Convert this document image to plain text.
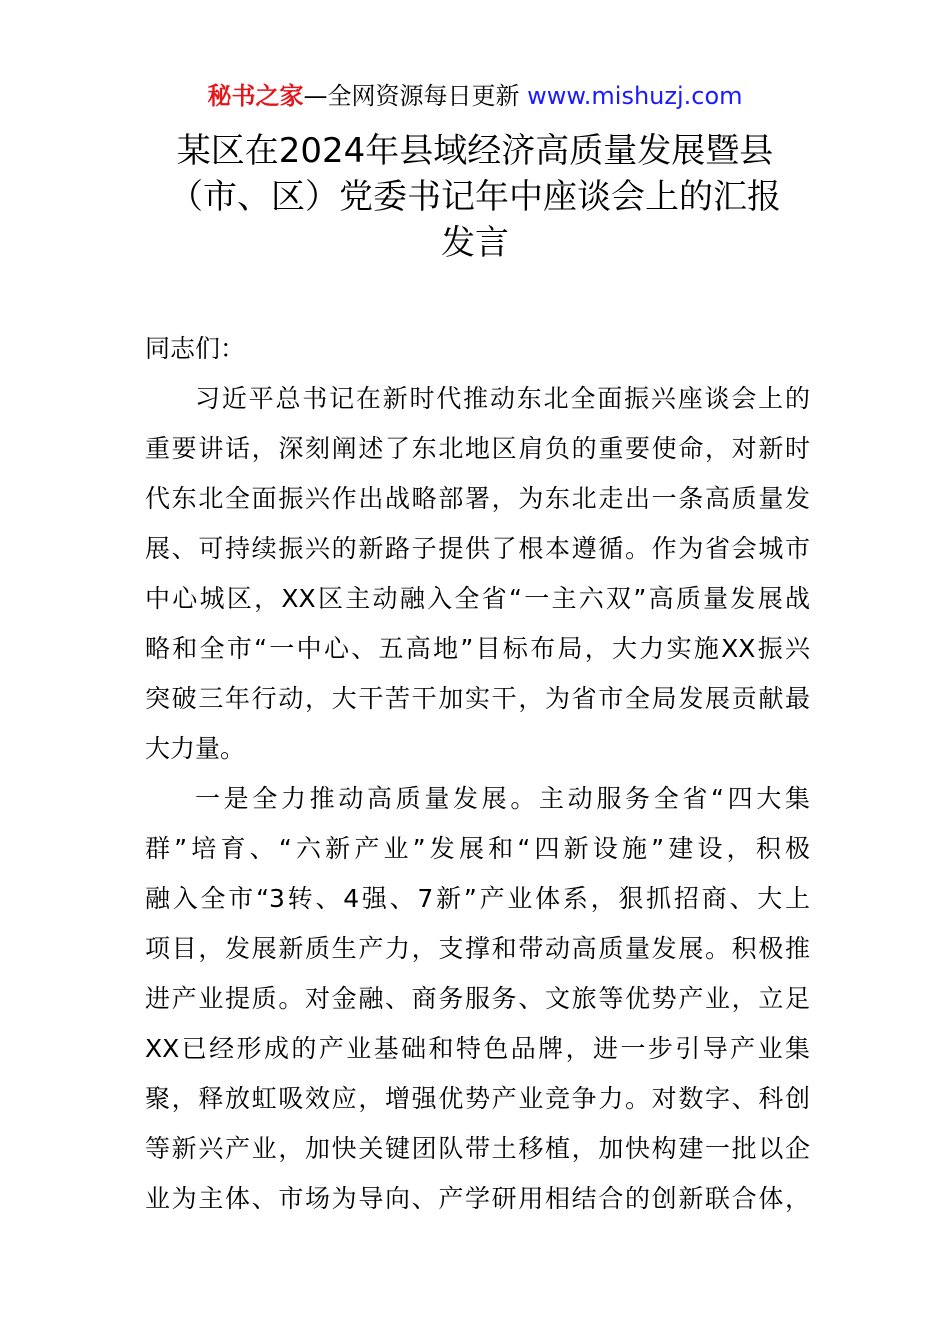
秘书之家—全网资源每日更新 www.mishuzj.com
某区在2024年县域经济高质量发展暨县
（市、区）党委书记年中座谈会上的汇报
发言
同志们：
习近平总书记在新时代推动东北全面振兴座谈会上的
重要讲话，深刻阐述了东北地区肩负的重要使命，对新时
代东北全面振兴作出战略部署，为东北走出一条高质量发
展、可持续振兴的新路子提供了根本遵循。作为省会城市
中心城区，XX区主动融入全省“一主六双”高质量发展战
略和全市“一中心、五高地”目标布局，大力实施XX振兴
突破三年行动，大干苦干加实干，为省市全局发展贡献最
大力量。
一是全力推动高质量发展。主动服务全省“四大集
群”培育、“六新产业”发展和“四新设施”建设，积极
融入全市“3转、4强、7新”产业体系，狠抓招商、大上
项目，发展新质生产力，支撑和带动高质量发展。积极推
进产业提质。对金融、商务服务、文旅等优势产业，立足
XX已经形成的产业基础和特色品牌，进一步引导产业集
聚，释放虹吸效应，增强优势产业竞争力。对数字、科创
等新兴产业，加快关键团队带土移植，加快构建一批以企
业为主体、市场为导向、产学研用相结合的创新联合体，
